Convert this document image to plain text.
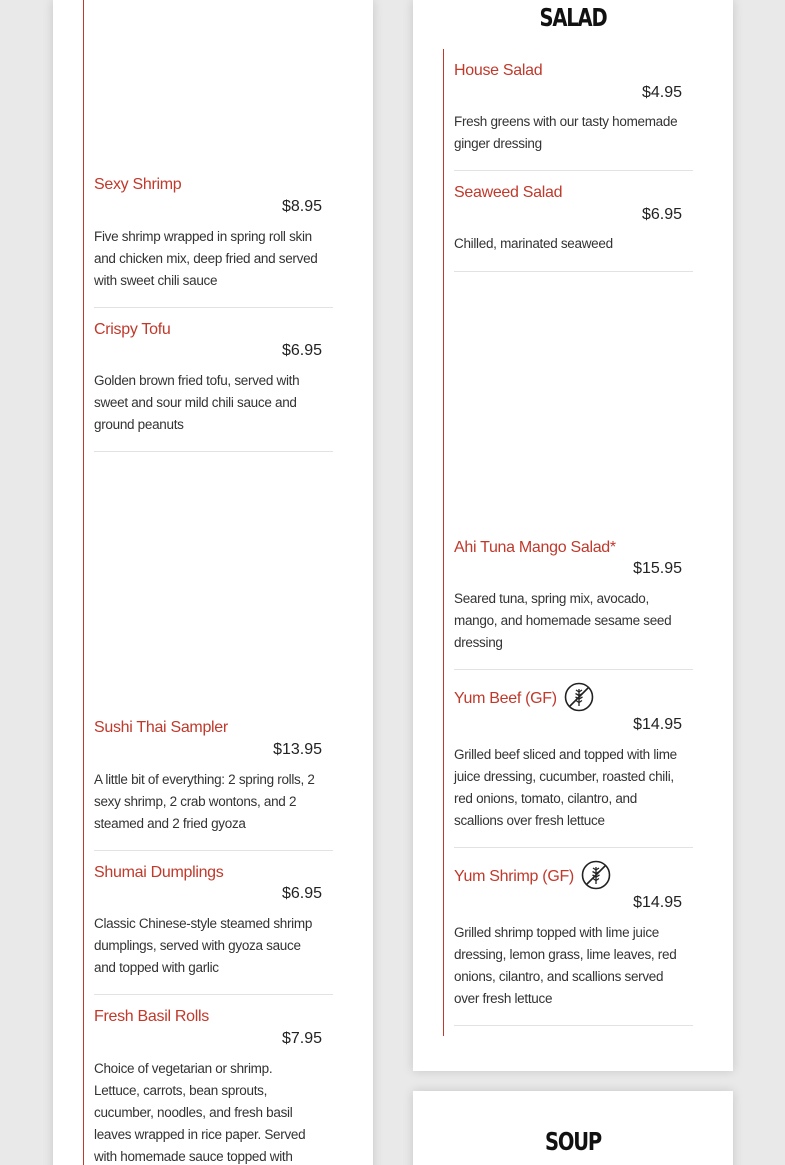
Sexy Shrimp
$8.95
Five shrimp wrapped in spring roll skin and chicken mix, deep fried and served with sweet chili sauce
Crispy Tofu
$6.95
Golden brown fried tofu, served with sweet and sour mild chili sauce and ground peanuts
Sushi Thai Sampler
$13.95
A little bit of everything: 2 spring rolls, 2 sexy shrimp, 2 crab wontons, and 2 steamed and 2 fried gyoza
Shumai Dumplings
$6.95
Classic Chinese-style steamed shrimp dumplings, served with gyoza sauce and topped with garlic
Fresh Basil Rolls
$7.95
Choice of vegetarian or shrimp. Lettuce, carrots, bean sprouts, cucumber, noodles, and fresh basil leaves wrapped in rice paper. Served with homemade sauce topped with
SALAD
House Salad
$4.95
Fresh greens with our tasty homemade ginger dressing
Seaweed Salad
$6.95
Chilled, marinated seaweed
Ahi Tuna Mango Salad*
$15.95
Seared tuna, spring mix, avocado, mango, and homemade sesame seed dressing
Yum Beef (GF)
$14.95
Grilled beef sliced and topped with lime juice dressing, cucumber, roasted chili, red onions, tomato, cilantro, and scallions over fresh lettuce
Yum Shrimp (GF)
$14.95
Grilled shrimp topped with lime juice dressing, lemon grass, lime leaves, red onions, cilantro, and scallions served over fresh lettuce
SOUP
